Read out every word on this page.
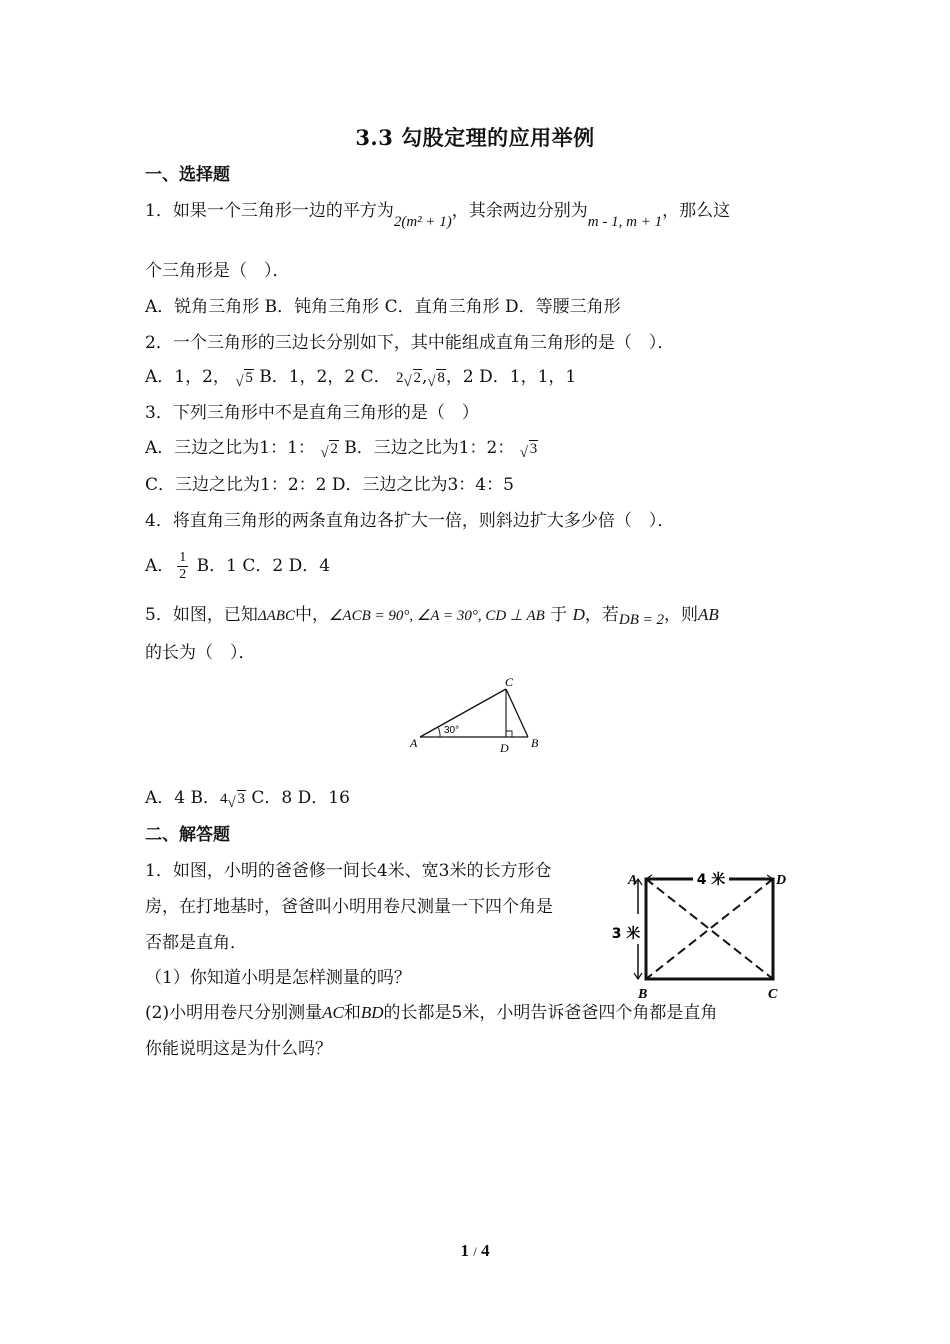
3.3 勾股定理的应用举例
一、选择题
1．如果一个三角形一边的平方为2(m² + 1)，其余两边分别为m - 1, m + 1，那么这
个三角形是（　）．
A．锐角三角形 B．钝角三角形 C．直角三角形 D．等腰三角形
2．一个三角形的三边长分别如下，其中能组成直角三角形的是（　）．
A．1，2， √ 5 B．1，2，2 C． 2 √ 2, √ 8，2 D．1，1，1
3．下列三角形中不是直角三角形的是（　）
A．三边之比为1：1： √ 2 B．三边之比为1：2： √ 3
C．三边之比为1：2：2 D．三边之比为3：4：5
4．将直角三角形的两条直角边各扩大一倍，则斜边扩大多少倍（　）．
A． $\frac{1}{2}$ B．1 C．2 D．4
5．如图，已知ΔABC中，∠ACB = 90°, ∠A = 30°, CD ⊥ AB 于 D，若DB = 2，则AB
的长为（　）．
30°
A
C
D B
A．4 B．4 √ 3 C．8 D．16
二、解答题
1．如图，小明的爸爸修一间长4米、宽3米的长方形仓
房，在打地基时，爸爸叫小明用卷尺测量一下四个角是
否都是直角．
（1）你知道小明是怎样测量的吗？
(2)小明用卷尺分别测量AC和BD的长都是5米，小明告诉爸爸四个角都是直角
你能说明这是为什么吗？
4 米
3 米
A	D
B	C
1 / 4
